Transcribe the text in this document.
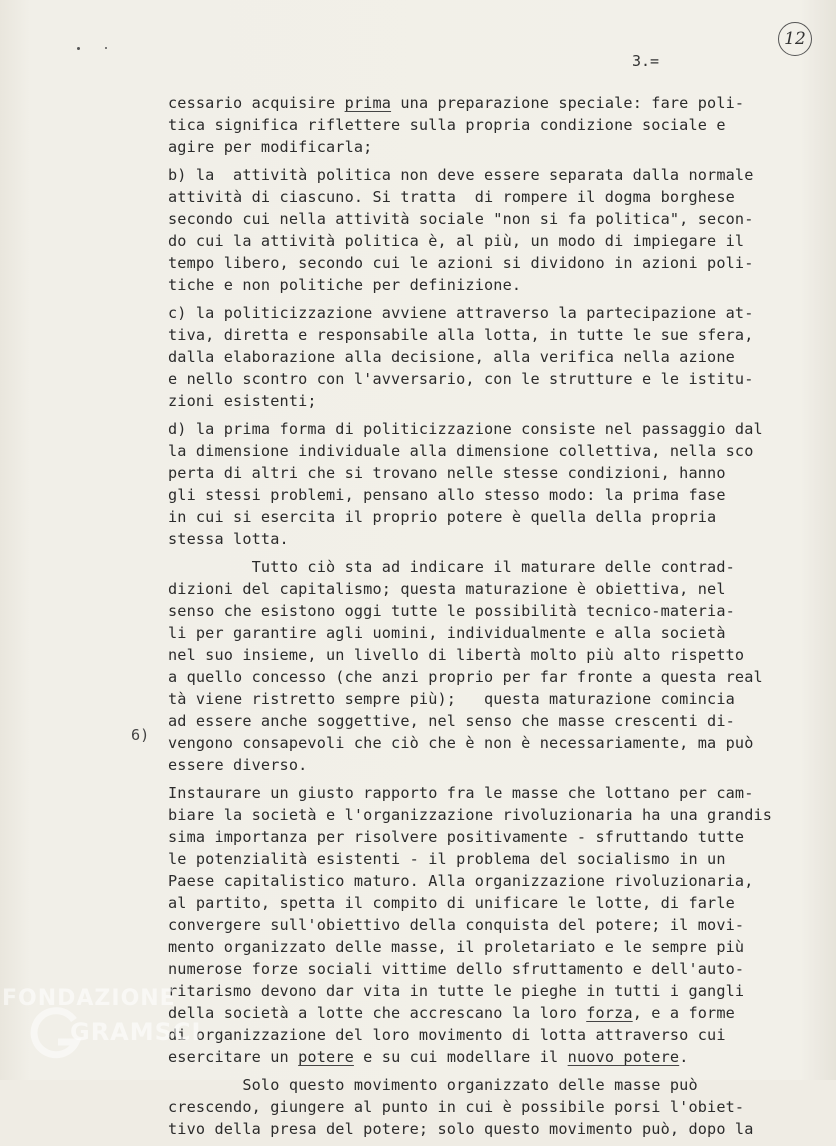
12
3.=
6)
cessario acquisire prima una preparazione speciale: fare poli-
tica significa riflettere sulla propria condizione sociale e
agire per modificarla;
b) la  attività politica non deve essere separata dalla normale
attività di ciascuno. Si tratta  di rompere il dogma borghese
secondo cui nella attività sociale "non si fa politica", secon-
do cui la attività politica è, al più, un modo di impiegare il
tempo libero, secondo cui le azioni si dividono in azioni poli-
tiche e non politiche per definizione.
c) la politicizzazione avviene attraverso la partecipazione at-
tiva, diretta e responsabile alla lotta, in tutte le sue sfera,
dalla elaborazione alla decisione, alla verifica nella azione
e nello scontro con l'avversario, con le strutture e le istitu-
zioni esistenti;
d) la prima forma di politicizzazione consiste nel passaggio dal
la dimensione individuale alla dimensione collettiva, nella sco
perta di altri che si trovano nelle stesse condizioni, hanno
gli stessi problemi, pensano allo stesso modo: la prima fase
in cui si esercita il proprio potere è quella della propria
stessa lotta.
Tutto ciò sta ad indicare il maturare delle contrad-
dizioni del capitalismo; questa maturazione è obiettiva, nel
senso che esistono oggi tutte le possibilità tecnico-materia-
li per garantire agli uomini, individualmente e alla società
nel suo insieme, un livello di libertà molto più alto rispetto
a quello concesso (che anzi proprio per far fronte a questa real
tà viene ristretto sempre più);   questa maturazione comincia
ad essere anche soggettive, nel senso che masse crescenti di-
vengono consapevoli che ciò che è non è necessariamente, ma può
essere diverso.
Instaurare un giusto rapporto fra le masse che lottano per cam-
biare la società e l'organizzazione rivoluzionaria ha una grandis
sima importanza per risolvere positivamente - sfruttando tutte
le potenzialità esistenti - il problema del socialismo in un
Paese capitalistico maturo. Alla organizzazione rivoluzionaria,
al partito, spetta il compito di unificare le lotte, di farle
convergere sull'obiettivo della conquista del potere; il movi-
mento organizzato delle masse, il proletariato e le sempre più
numerose forze sociali vittime dello sfruttamento e dell'auto-
ritarismo devono dar vita in tutte le pieghe in tutti i gangli
della società a lotte che accrescano la loro forza, e a forme
di organizzazione del loro movimento di lotta attraverso cui
esercitare un potere e su cui modellare il nuovo potere.
Solo questo movimento organizzato delle masse può
crescendo, giungere al punto in cui è possibile porsi l'obiet-
tivo della presa del potere; solo questo movimento può, dopo la
FONDAZIONE
GRAMSCI
